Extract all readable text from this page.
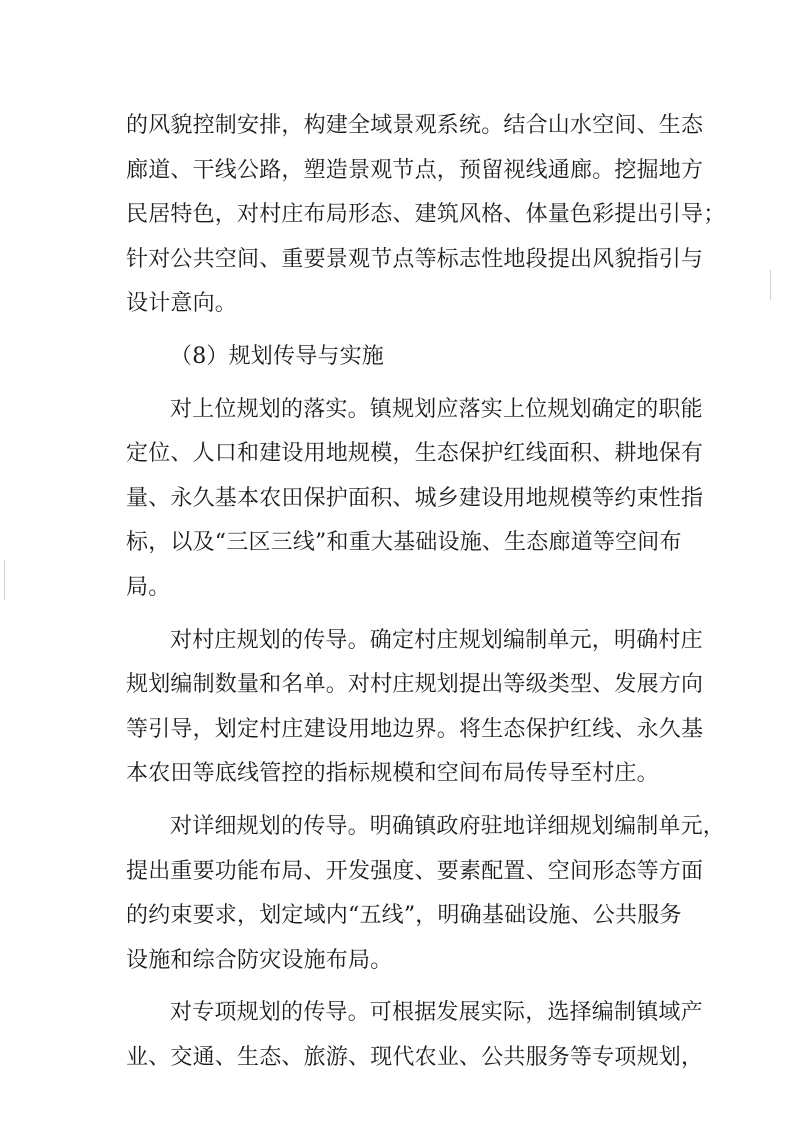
的风貌控制安排，构建全域景观系统。结合山水空间、生态
廊道、干线公路，塑造景观节点，预留视线通廊。挖掘地方
民居特色，对村庄布局形态、建筑风格、体量色彩提出引导；
针对公共空间、重要景观节点等标志性地段提出风貌指引与
设计意向。
（8）规划传导与实施
对上位规划的落实。镇规划应落实上位规划确定的职能
定位、人口和建设用地规模，生态保护红线面积、耕地保有
量、永久基本农田保护面积、城乡建设用地规模等约束性指
标，以及“三区三线”和重大基础设施、生态廊道等空间布
局。
对村庄规划的传导。确定村庄规划编制单元，明确村庄
规划编制数量和名单。对村庄规划提出等级类型、发展方向
等引导，划定村庄建设用地边界。将生态保护红线、永久基
本农田等底线管控的指标规模和空间布局传导至村庄。
对详细规划的传导。明确镇政府驻地详细规划编制单元，
提出重要功能布局、开发强度、要素配置、空间形态等方面
的约束要求，划定域内“五线”，明确基础设施、公共服务
设施和综合防灾设施布局。
对专项规划的传导。可根据发展实际，选择编制镇域产
业、交通、生态、旅游、现代农业、公共服务等专项规划，
